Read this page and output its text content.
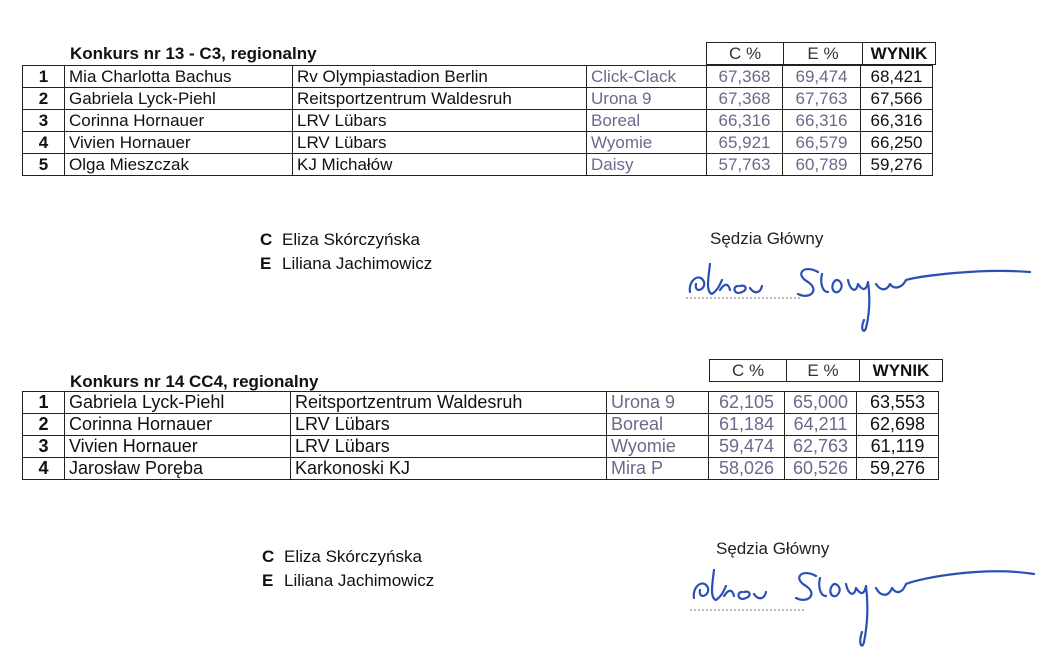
Konkurs nr 13 - C3, regionalny	C %	E %	WYNIK
1	Mia Charlotta Bachus	Rv Olympiastadion Berlin	Click-Clack	67,368	69,474	68,421
2	Gabriela Lyck-Piehl	Reitsportzentrum Waldesruh	Urona 9	67,368	67,763	67,566
3	Corinna Hornauer	LRV Lübars	Boreal	66,316	66,316	66,316
4	Vivien Hornauer	LRV Lübars	Wyomie	65,921	66,579	66,250
5	Olga Mieszczak	KJ Michałów	Daisy	57,763	60,789	59,276
C Eliza Skórczyńska
E Liliana Jachimowicz
Sędzia Główny
Konkurs nr 14 CC4, regionalny
C %	E %	WYNIK
1	Gabriela Lyck-Piehl	Reitsportzentrum Waldesruh	Urona 9	62,105	65,000	63,553
2	Corinna Hornauer	LRV Lübars	Boreal	61,184	64,211	62,698
3	Vivien Hornauer	LRV Lübars	Wyomie	59,474	62,763	61,119
4	Jarosław Poręba	Karkonoski KJ	Mira P	58,026	60,526	59,276
C Eliza Skórczyńska
E Liliana Jachimowicz
Sędzia Główny
